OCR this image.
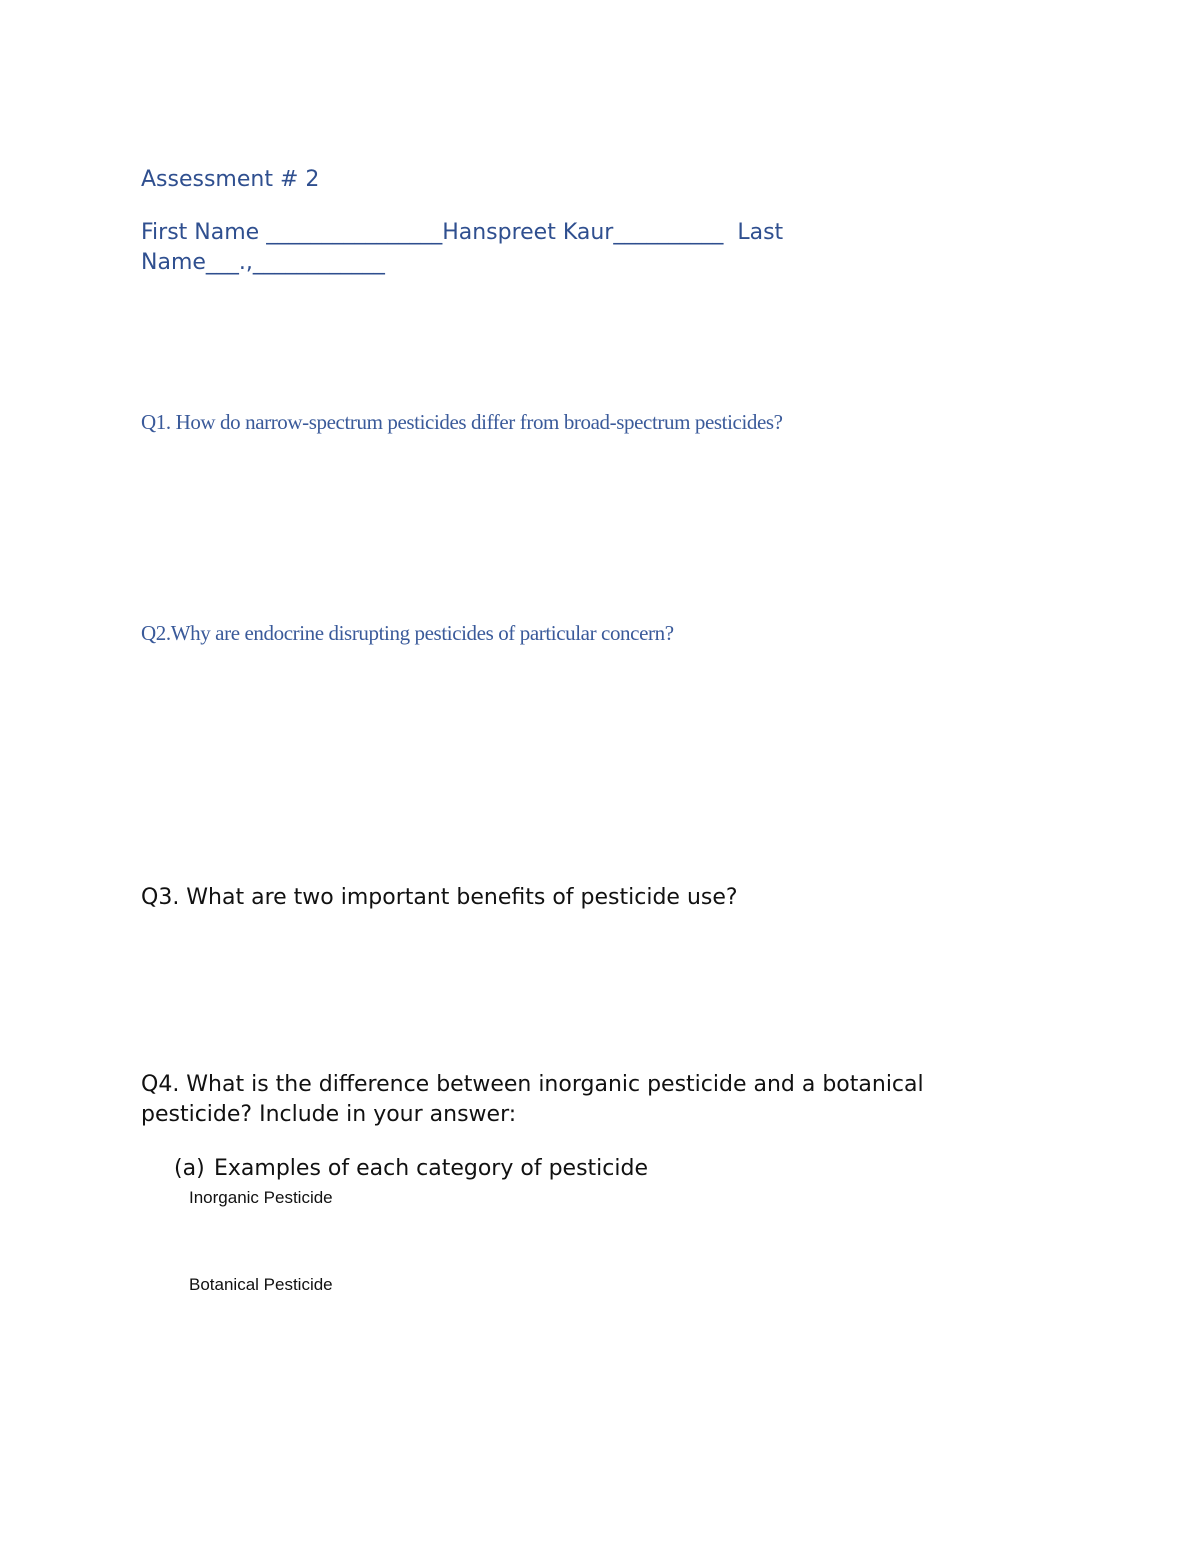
Assessment # 2

First Name ________________Hanspreet Kaur__________  Last Name___.,____________

Q1. How do narrow-spectrum pesticides differ from broad-spectrum pesticides?

Q2.Why are endocrine disrupting pesticides of particular concern?

Q3. What are two important benefits of pesticide use?

Q4. What is the difference between inorganic pesticide and a botanical pesticide? Include in your answer:

(a) Examples of each category of pesticide

Inorganic Pesticide

Botanical Pesticide
